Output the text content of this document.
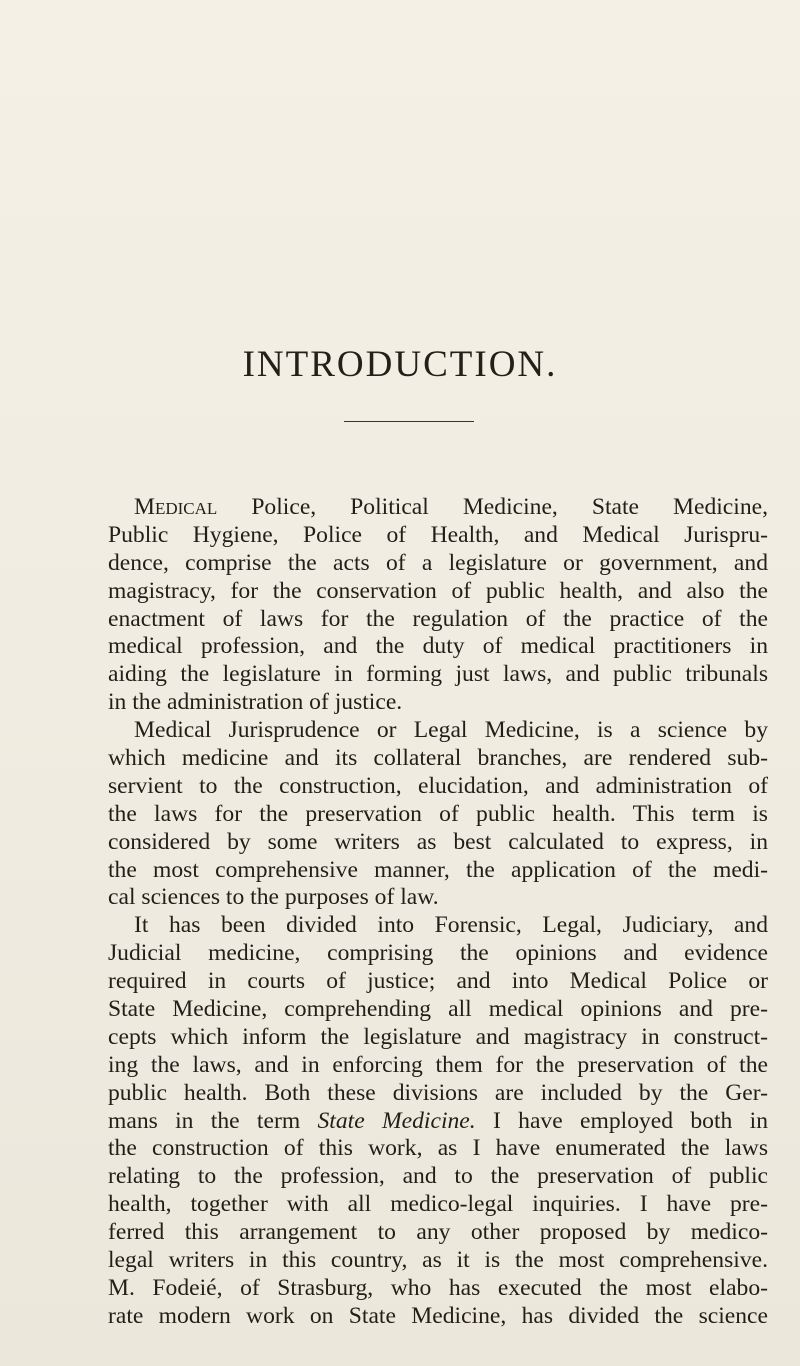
INTRODUCTION.
Medical Police, Political Medicine, State Medicine,
Public Hygiene, Police of Health, and Medical Jurispru-
dence, comprise the acts of a legislature or government, and
magistracy, for the conservation of public health, and also the
enactment of laws for the regulation of the practice of the
medical profession, and the duty of medical practitioners in
aiding the legislature in forming just laws, and public tribunals
in the administration of justice.
Medical Jurisprudence or Legal Medicine, is a science by
which medicine and its collateral branches, are rendered sub-
servient to the construction, elucidation, and administration of
the laws for the preservation of public health. This term is
considered by some writers as best calculated to express, in
the most comprehensive manner, the application of the medi-
cal sciences to the purposes of law.
It has been divided into Forensic, Legal, Judiciary, and
Judicial medicine, comprising the opinions and evidence
required in courts of justice; and into Medical Police or
State Medicine, comprehending all medical opinions and pre-
cepts which inform the legislature and magistracy in construct-
ing the laws, and in enforcing them for the preservation of the
public health. Both these divisions are included by the Ger-
mans in the term State Medicine. I have employed both in
the construction of this work, as I have enumerated the laws
relating to the profession, and to the preservation of public
health, together with all medico-legal inquiries. I have pre-
ferred this arrangement to any other proposed by medico-
legal writers in this country, as it is the most comprehensive.
M. Fodeié, of Strasburg, who has executed the most elabo-
rate modern work on State Medicine, has divided the science
